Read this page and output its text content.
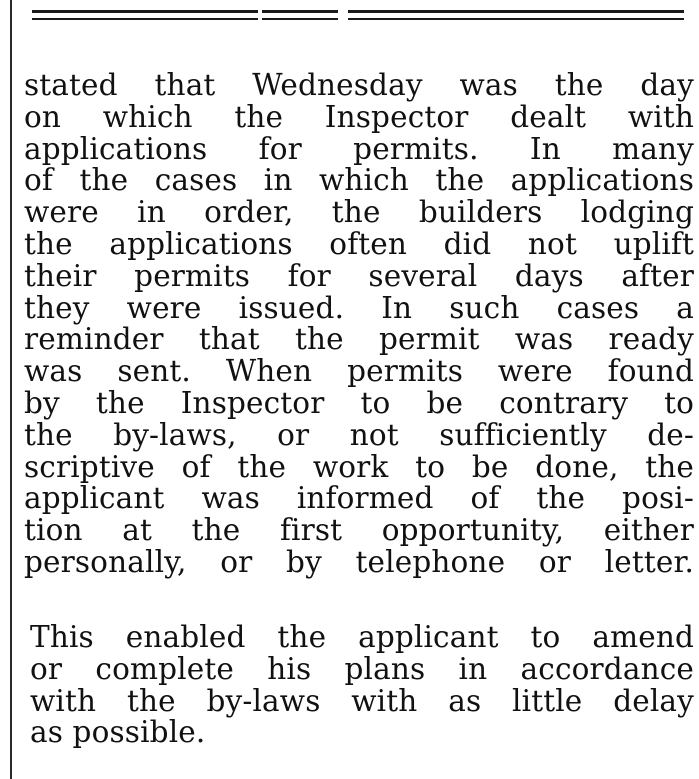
stated that Wednesday was the day
on which the Inspector dealt with
applications for permits. In many
of the cases in which the applications
were in order, the builders lodging
the applications often did not uplift
their permits for several days after
they were issued. In such cases a
reminder that the permit was ready
was sent. When permits were found
by the Inspector to be contrary to
the by-laws, or not sufficiently de-
scriptive of the work to be done, the
applicant was informed of the posi-
tion at the first opportunity, either
personally, or by telephone or letter.
This enabled the applicant to amend
or complete his plans in accordance
with the by-laws with as little delay
as possible.
